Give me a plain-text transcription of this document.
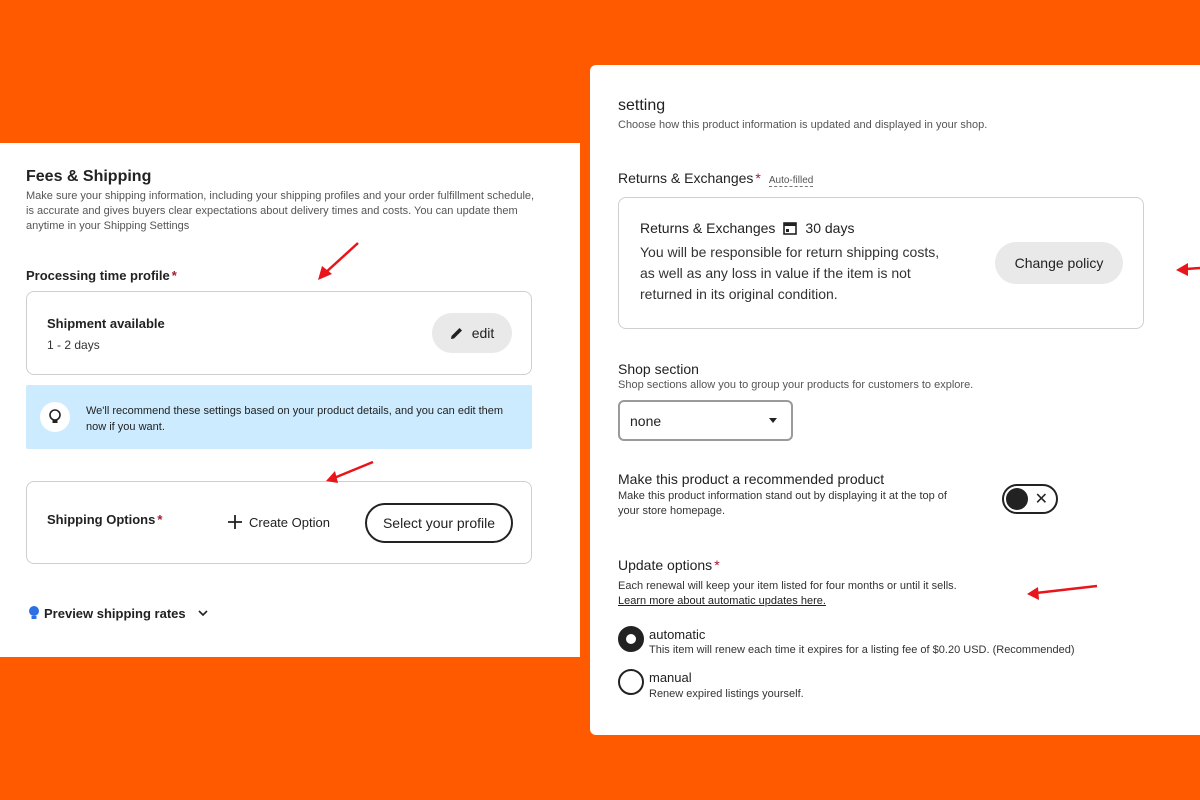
Fees & Shipping
Make sure your shipping information, including your shipping profiles and your order fulfillment schedule, is accurate and gives buyers clear expectations about delivery times and costs. You can update them anytime in your Shipping Settings
Processing time profile *
Shipment available
1 - 2 days
edit
We'll recommend these settings based on your product details, and you can edit them now if you want.
Shipping Options *	Create Option	Select your profile
Preview shipping rates
setting
Choose how this product information is updated and displayed in your shop.
Returns & Exchanges * Auto-filled
Returns & Exchanges 30 days
You will be responsible for return shipping costs,
as well as any loss in value if the item is not
returned in its original condition.
Change policy
Shop section
Shop sections allow you to group your products for customers to explore.
none
Make this product a recommended product
Make this product information stand out by displaying it at the top of
your store homepage.
✕
Update options *
Each renewal will keep your item listed for four months or until it sells.
Learn more about automatic updates here.
automatic
This item will renew each time it expires for a listing fee of $0.20 USD. (Recommended)
manual
Renew expired listings yourself.
